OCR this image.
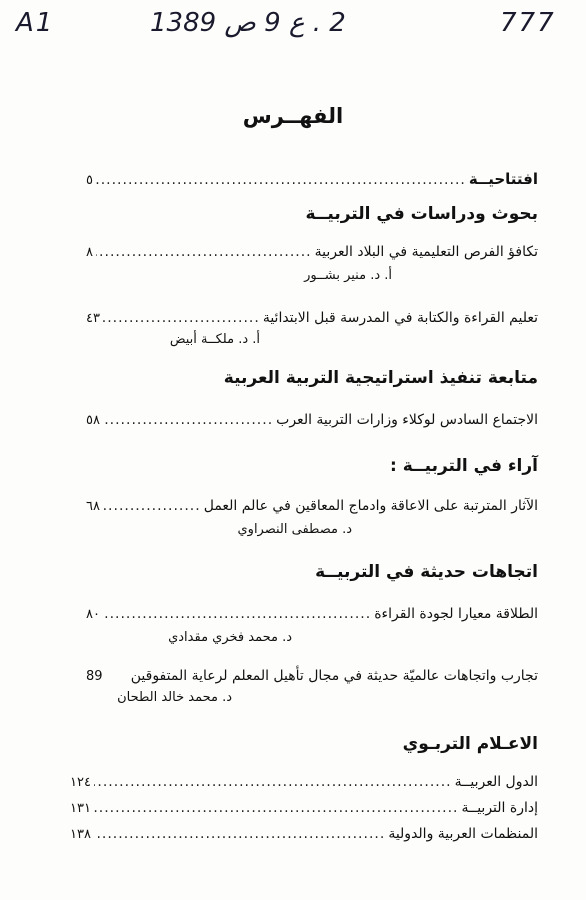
A1	2 . ع 9 ص 1389	777
الفهــرس
افتتاحيــة
.....
٥
بحوث ودراسات في التربيــة
تكافؤ الفرص التعليمية في البلاد العربية
.....
٨
أ. د. منير بشــور
تعليم القراءة والكتابة في المدرسة قبل الابتدائية
.....
٤٣
أ. د. ملكــة أبيض
متابعة تنفيذ استراتيجية التربية العربية
الاجتماع السادس لوكلاء وزارات التربية العرب
.....
٥٨
آراء في التربيــة :
الآثار المترتبة على الاعاقة وادماج المعاقين في عالم العمل
.....
٦٨
د. مصطفى النصراوي
اتجاهات حديثة في التربيــة
الطلاقة معيارا لجودة القراءة
.....
٨٠
د. محمد فخري مقدادي
تجارب واتجاهات عالميّة حديثة في مجال تأهيل المعلم لرعاية المتفوقين
89
د. محمد خالد الطحان
الاعـلام التربـوي
الدول العربيــة
.....
١٢٤
إدارة التربيــة
.....
١٣١
المنظمات العربية والدولية
.....
١٣٨
